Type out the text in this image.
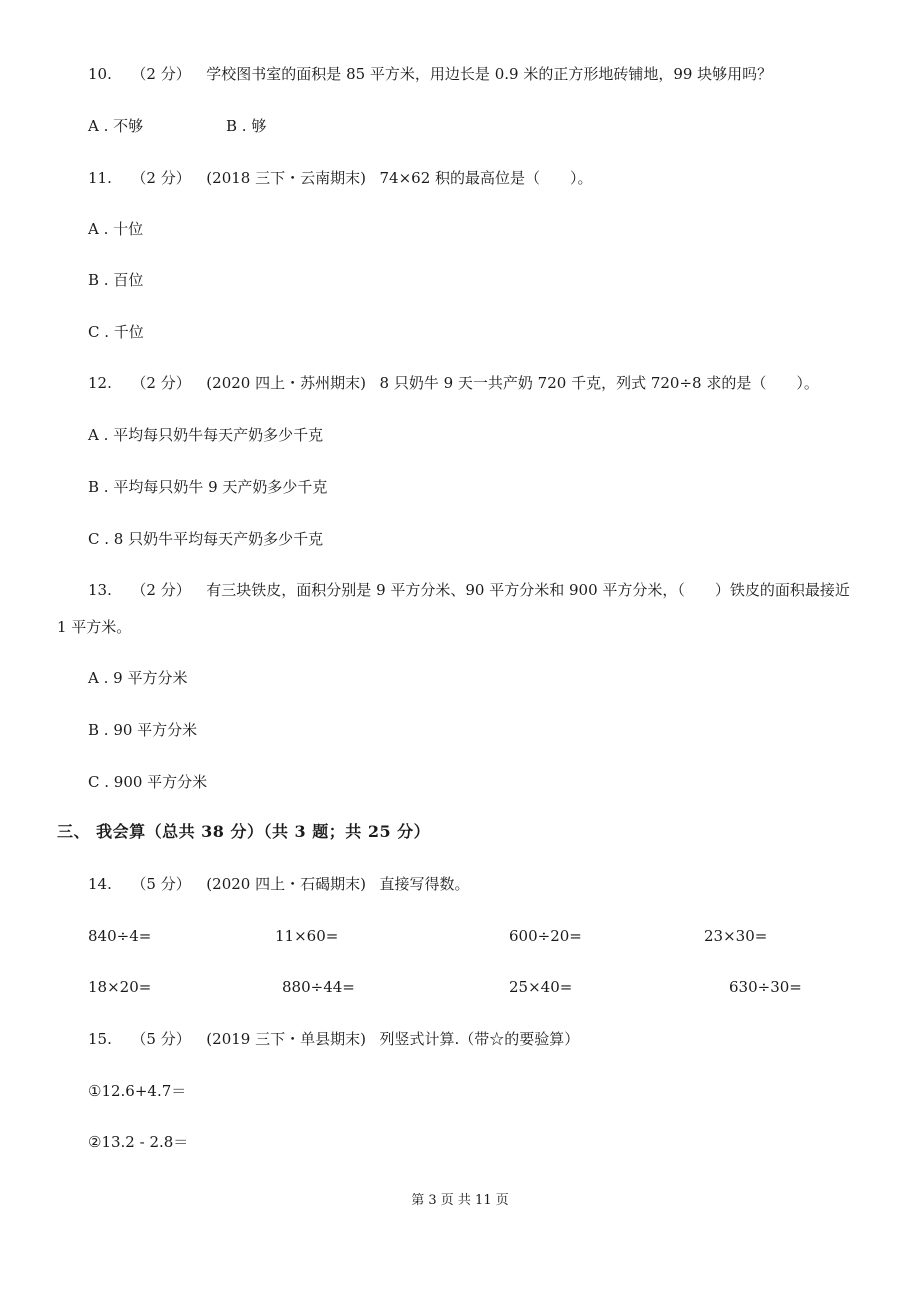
10. （2 分） 学校图书室的面积是 85 平方米，用边长是 0.9 米的正方形地砖铺地，99 块够用吗？
A . 不够	B . 够
11. （2 分） (2018 三下・云南期末) 74×62 积的最高位是（　　）。
A . 十位
B . 百位
C . 千位
12. （2 分） (2020 四上・苏州期末) 8 只奶牛 9 天一共产奶 720 千克，列式 720÷8 求的是（　　）。
A . 平均每只奶牛每天产奶多少千克
B . 平均每只奶牛 9 天产奶多少千克
C . 8 只奶牛平均每天产奶多少千克
13. （2 分） 有三块铁皮，面积分别是 9 平方分米、90 平方分米和 900 平方分米，（　　）铁皮的面积最接近
1 平方米。
A . 9 平方分米
B . 90 平方分米
C . 900 平方分米
三、 我会算（总共 38 分）（共 3 题；共 25 分）
14. （5 分） (2020 四上・石碣期末) 直接写得数。
840÷4=	11×60=	600÷20=	23×30=
18×20=	880÷44=	25×40=	630÷30=
15. （5 分） (2019 三下・单县期末) 列竖式计算.（带☆的要验算）
①12.6+4.7＝
②13.2 - 2.8＝
第 3 页 共 11 页
